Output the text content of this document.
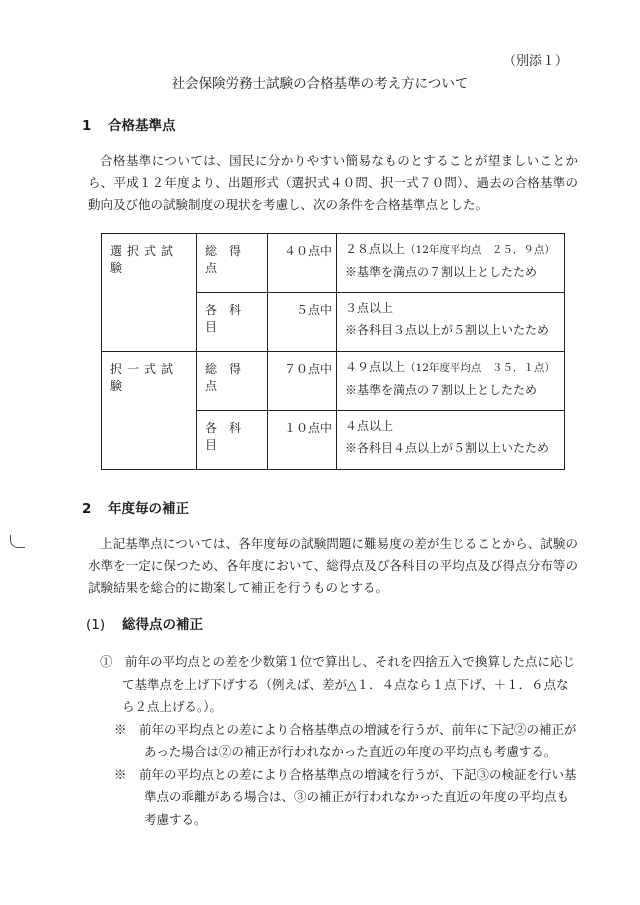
（別添１）
社会保険労務士試験の合格基準の考え方について
1 合格基準点
合格基準については、国民に分かりやすい簡易なものとすることが望ましいことから、平成１２年度より、出題形式（選択式４０問、択一式７０問）、過去の合格基準の動向及び他の試験制度の現状を考慮し、次の条件を合格基準点とした。
選択式試験	総得点	４０点中	２８点以上（12年度平均点　２５．９点）
※基準を満点の７割以上としたため
	各科目	５点中	３点以上
※各科目３点以上が５割以上いたため
択一式試験	総得点	７０点中	４９点以上（12年度平均点　３５．１点）
※基準を満点の７割以上としたため
	各科目	１０点中	４点以上
※各科目４点以上が５割以上いたため
2 年度毎の補正
上記基準点については、各年度毎の試験問題に難易度の差が生じることから、試験の水準を一定に保つため、各年度において、総得点及び各科目の平均点及び得点分布等の試験結果を総合的に勘案して補正を行うものとする。
(1) 総得点の補正
①　前年の平均点との差を少数第１位で算出し、それを四捨五入で換算した点に応じて基準点を上げ下げする（例えば、差が△１．４点なら１点下げ、＋１．６点なら２点上げる。）。
※　前年の平均点との差により合格基準点の増減を行うが、前年に下記②の補正があった場合は②の補正が行われなかった直近の年度の平均点も考慮する。
※　前年の平均点との差により合格基準点の増減を行うが、下記③の検証を行い基準点の乖離がある場合は、③の補正が行われなかった直近の年度の平均点も考慮する。
